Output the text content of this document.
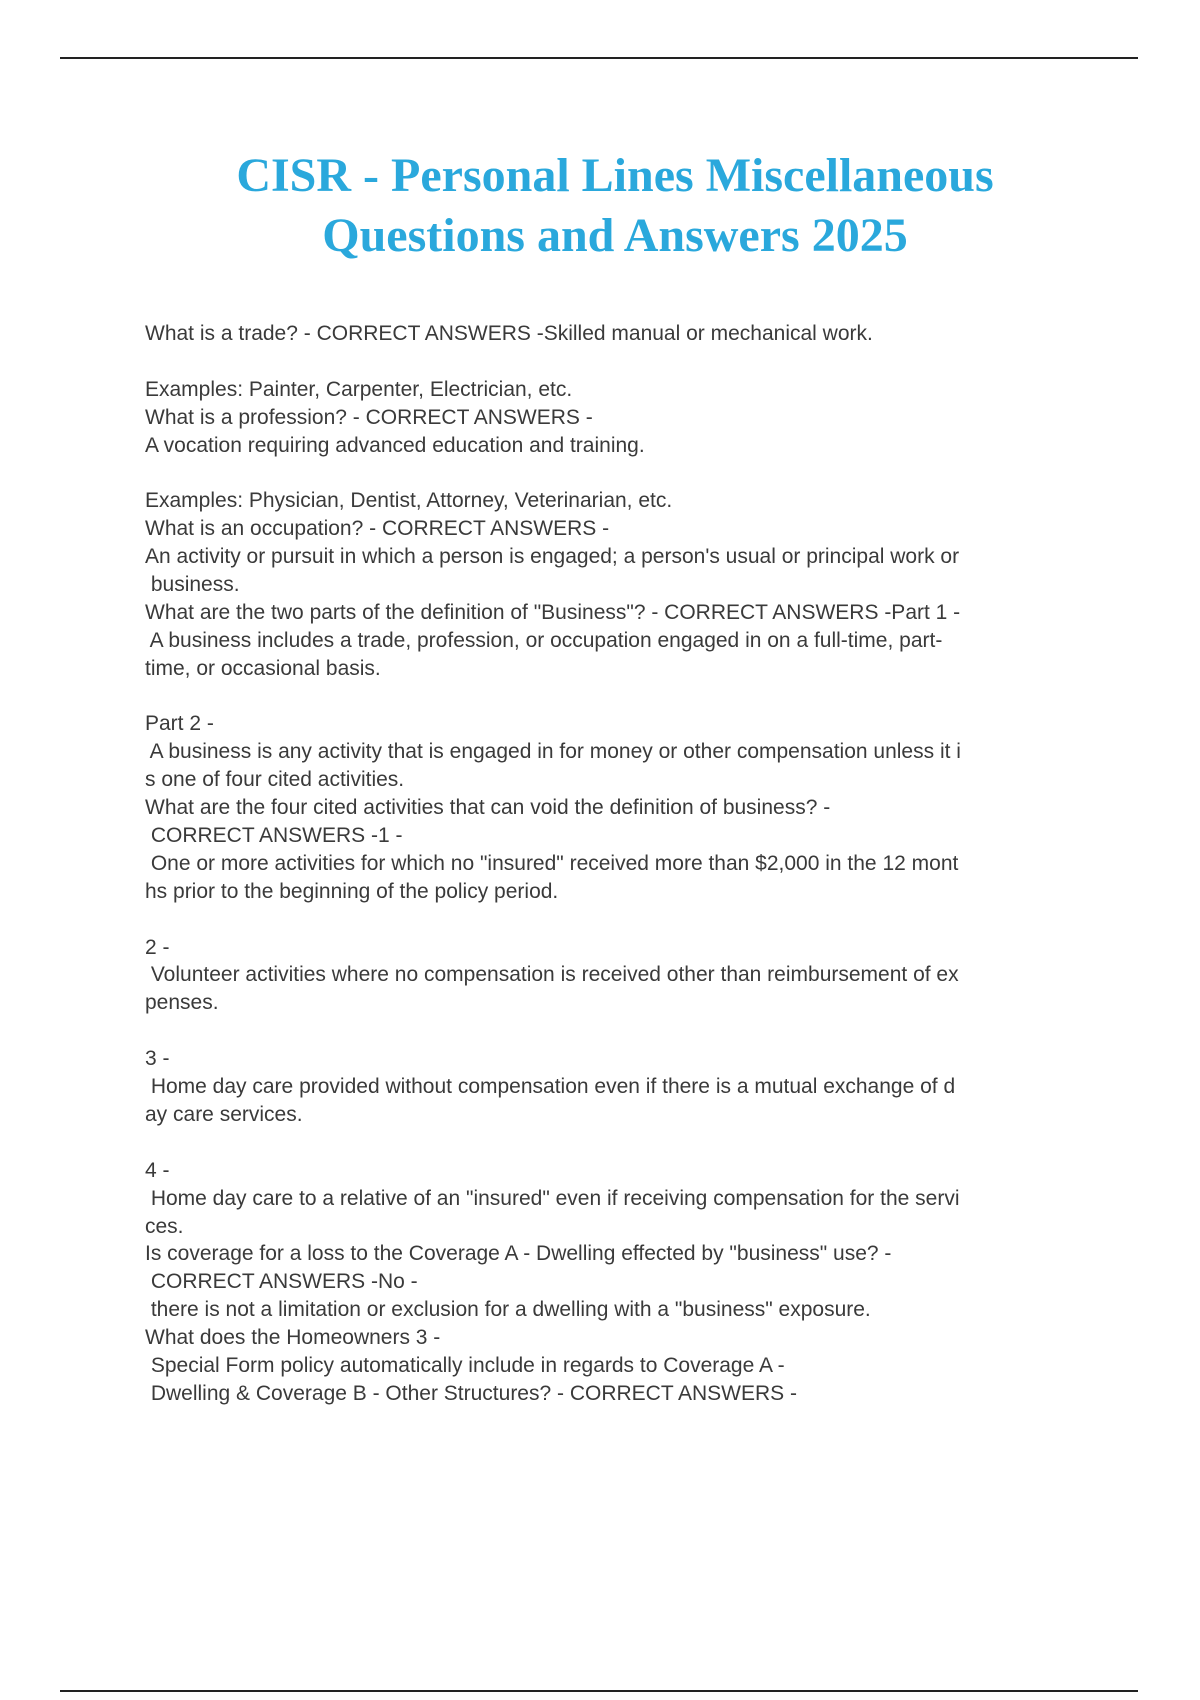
CISR - Personal Lines Miscellaneous
Questions and Answers 2025
What is a trade? - CORRECT ANSWERS -Skilled manual or mechanical work.
Examples: Painter, Carpenter, Electrician, etc.
What is a profession? - CORRECT ANSWERS -
A vocation requiring advanced education and training.
Examples: Physician, Dentist, Attorney, Veterinarian, etc.
What is an occupation? - CORRECT ANSWERS -
An activity or pursuit in which a person is engaged; a person's usual or principal work or
business.
What are the two parts of the definition of "Business"? - CORRECT ANSWERS -Part 1 -
A business includes a trade, profession, or occupation engaged in on a full-time, part-
time, or occasional basis.
Part 2 -
A business is any activity that is engaged in for money or other compensation unless it i
s one of four cited activities.
What are the four cited activities that can void the definition of business? -
CORRECT ANSWERS -1 -
One or more activities for which no "insured" received more than $2,000 in the 12 mont
hs prior to the beginning of the policy period.
2 -
Volunteer activities where no compensation is received other than reimbursement of ex
penses.
3 -
Home day care provided without compensation even if there is a mutual exchange of d
ay care services.
4 -
Home day care to a relative of an "insured" even if receiving compensation for the servi
ces.
Is coverage for a loss to the Coverage A - Dwelling effected by "business" use? -
CORRECT ANSWERS -No -
there is not a limitation or exclusion for a dwelling with a "business" exposure.
What does the Homeowners 3 -
Special Form policy automatically include in regards to Coverage A -
Dwelling & Coverage B - Other Structures? - CORRECT ANSWERS -
